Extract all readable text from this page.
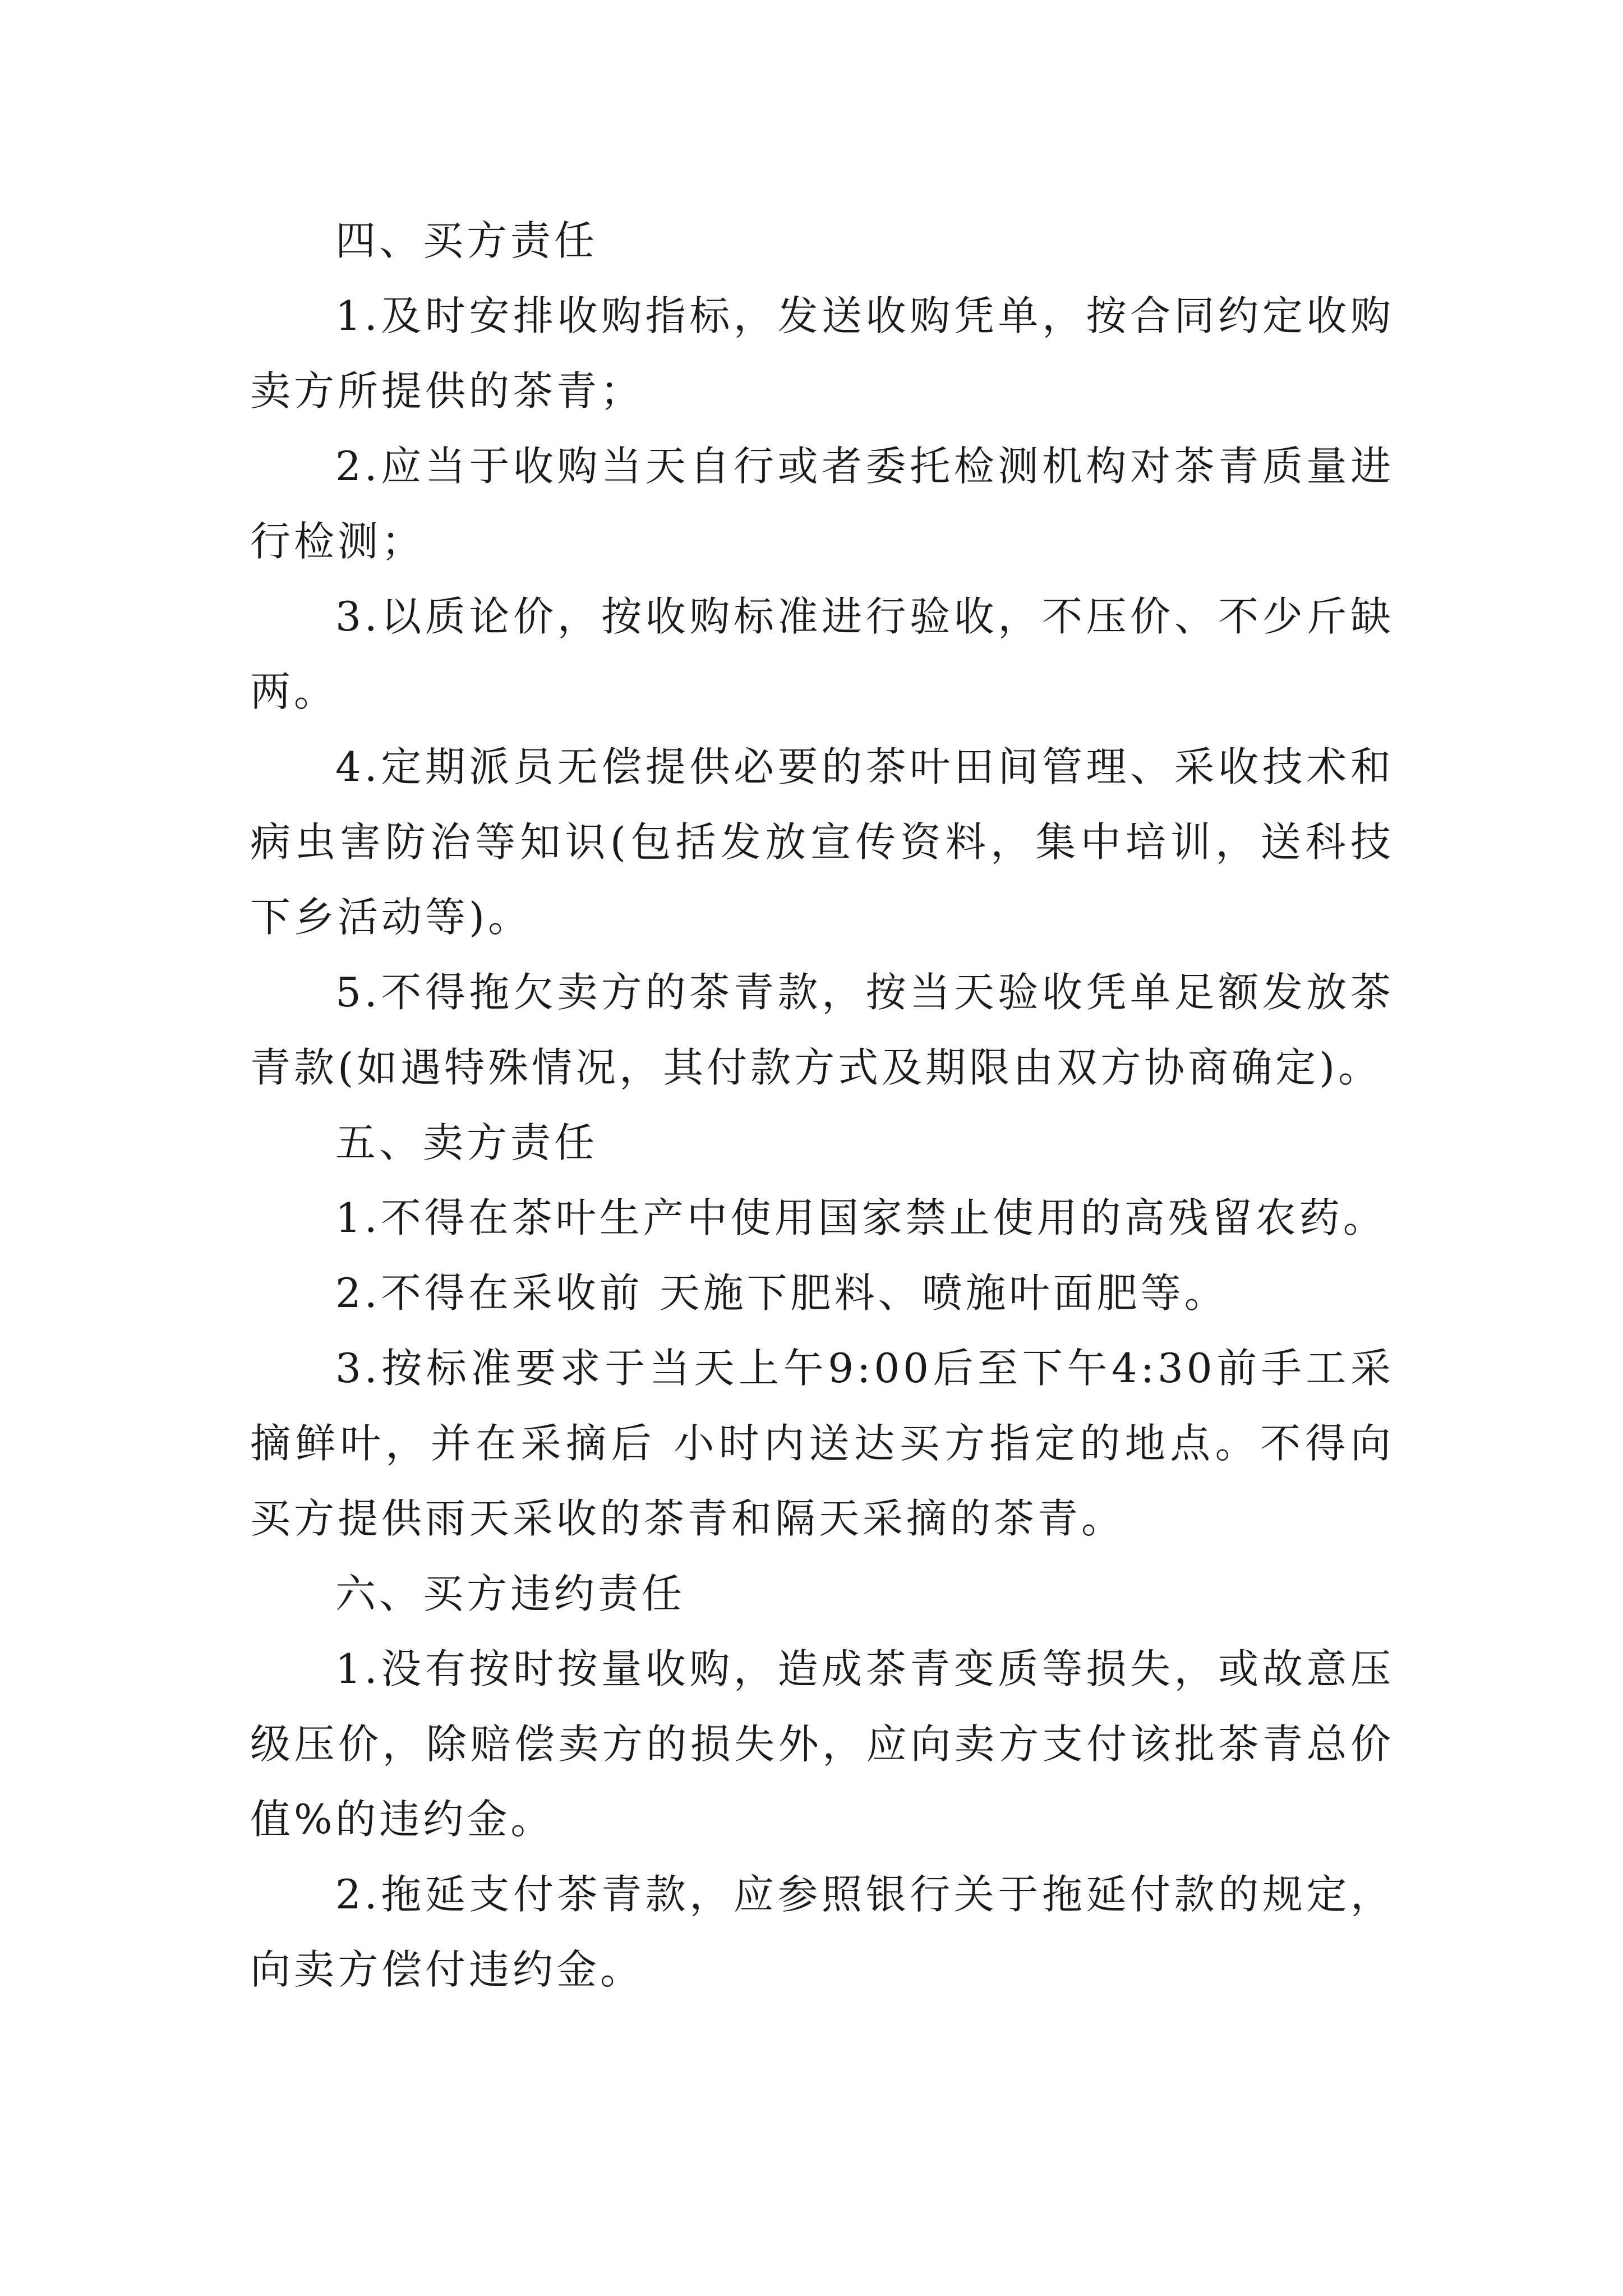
四、买方责任

1.及时安排收购指标，发送收购凭单，按合同约定收购卖方所提供的茶青；

2.应当于收购当天自行或者委托检测机构对茶青质量进行检测；

3.以质论价，按收购标准进行验收，不压价、不少斤缺两。

4.定期派员无偿提供必要的茶叶田间管理、采收技术和病虫害防治等知识(包括发放宣传资料，集中培训，送科技下乡活动等)。

5.不得拖欠卖方的茶青款，按当天验收凭单足额发放茶青款(如遇特殊情况，其付款方式及期限由双方协商确定)。

五、卖方责任

1.不得在茶叶生产中使用国家禁止使用的高残留农药。

2.不得在采收前 天施下肥料、喷施叶面肥等。

3.按标准要求于当天上午9:00后至下午4:30前手工采摘鲜叶，并在采摘后 小时内送达买方指定的地点。不得向买方提供雨天采收的茶青和隔天采摘的茶青。

六、买方违约责任

1.没有按时按量收购，造成茶青变质等损失，或故意压级压价，除赔偿卖方的损失外，应向卖方支付该批茶青总价值%的违约金。

2.拖延支付茶青款，应参照银行关于拖延付款的规定，向卖方偿付违约金。
